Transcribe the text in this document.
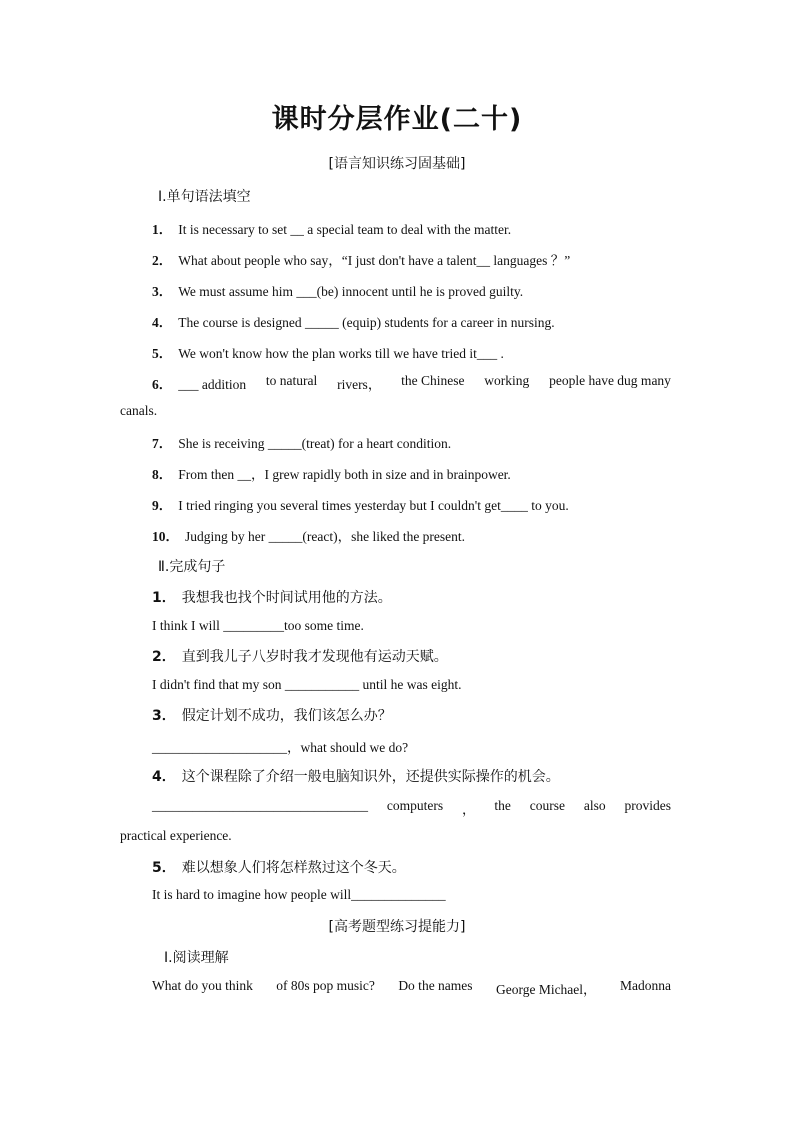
课时分层作业(二十)
[语言知识练习固基础]
Ⅰ.单句语法填空
1． It is necessary to set __ a special team to deal with the matter.
2． What about people who say，“I just don't have a talent__ languages ？”
3． We must assume him ___(be) innocent until he is proved guilty.
4． The course is designed _____ (equip) students for a career in nursing.
5． We won't know how the plan works till we have tried it___ .
6． ___ addition to natural rivers， the Chinese working people have dug many
canals.
7． She is receiving _____(treat) for a heart condition.
8． From then __，I grew rapidly both in size and in brainpower.
9． I tried ringing you several times yesterday but I couldn't get____ to you.
10． Judging by her _____(react)，she liked the present.
Ⅱ.完成句子
1． 我想我也找个时间试用他的方法。
I think I will _________too some time.
2． 直到我儿子八岁时我才发现他有运动天赋。
I didn't find that my son ___________ until he was eight.
3． 假定计划不成功，我们该怎么办？
____________________，what should we do?
4． 这个课程除了介绍一般电脑知识外，还提供实际操作的机会。
________________________________ computers ， the course also provides
practical experience.
5． 难以想象人们将怎样熬过这个冬天。
It is hard to imagine how people will______________
[高考题型练习提能力]
Ⅰ.阅读理解
What do you think of 80s pop music? Do the names George Michael， Madonna
